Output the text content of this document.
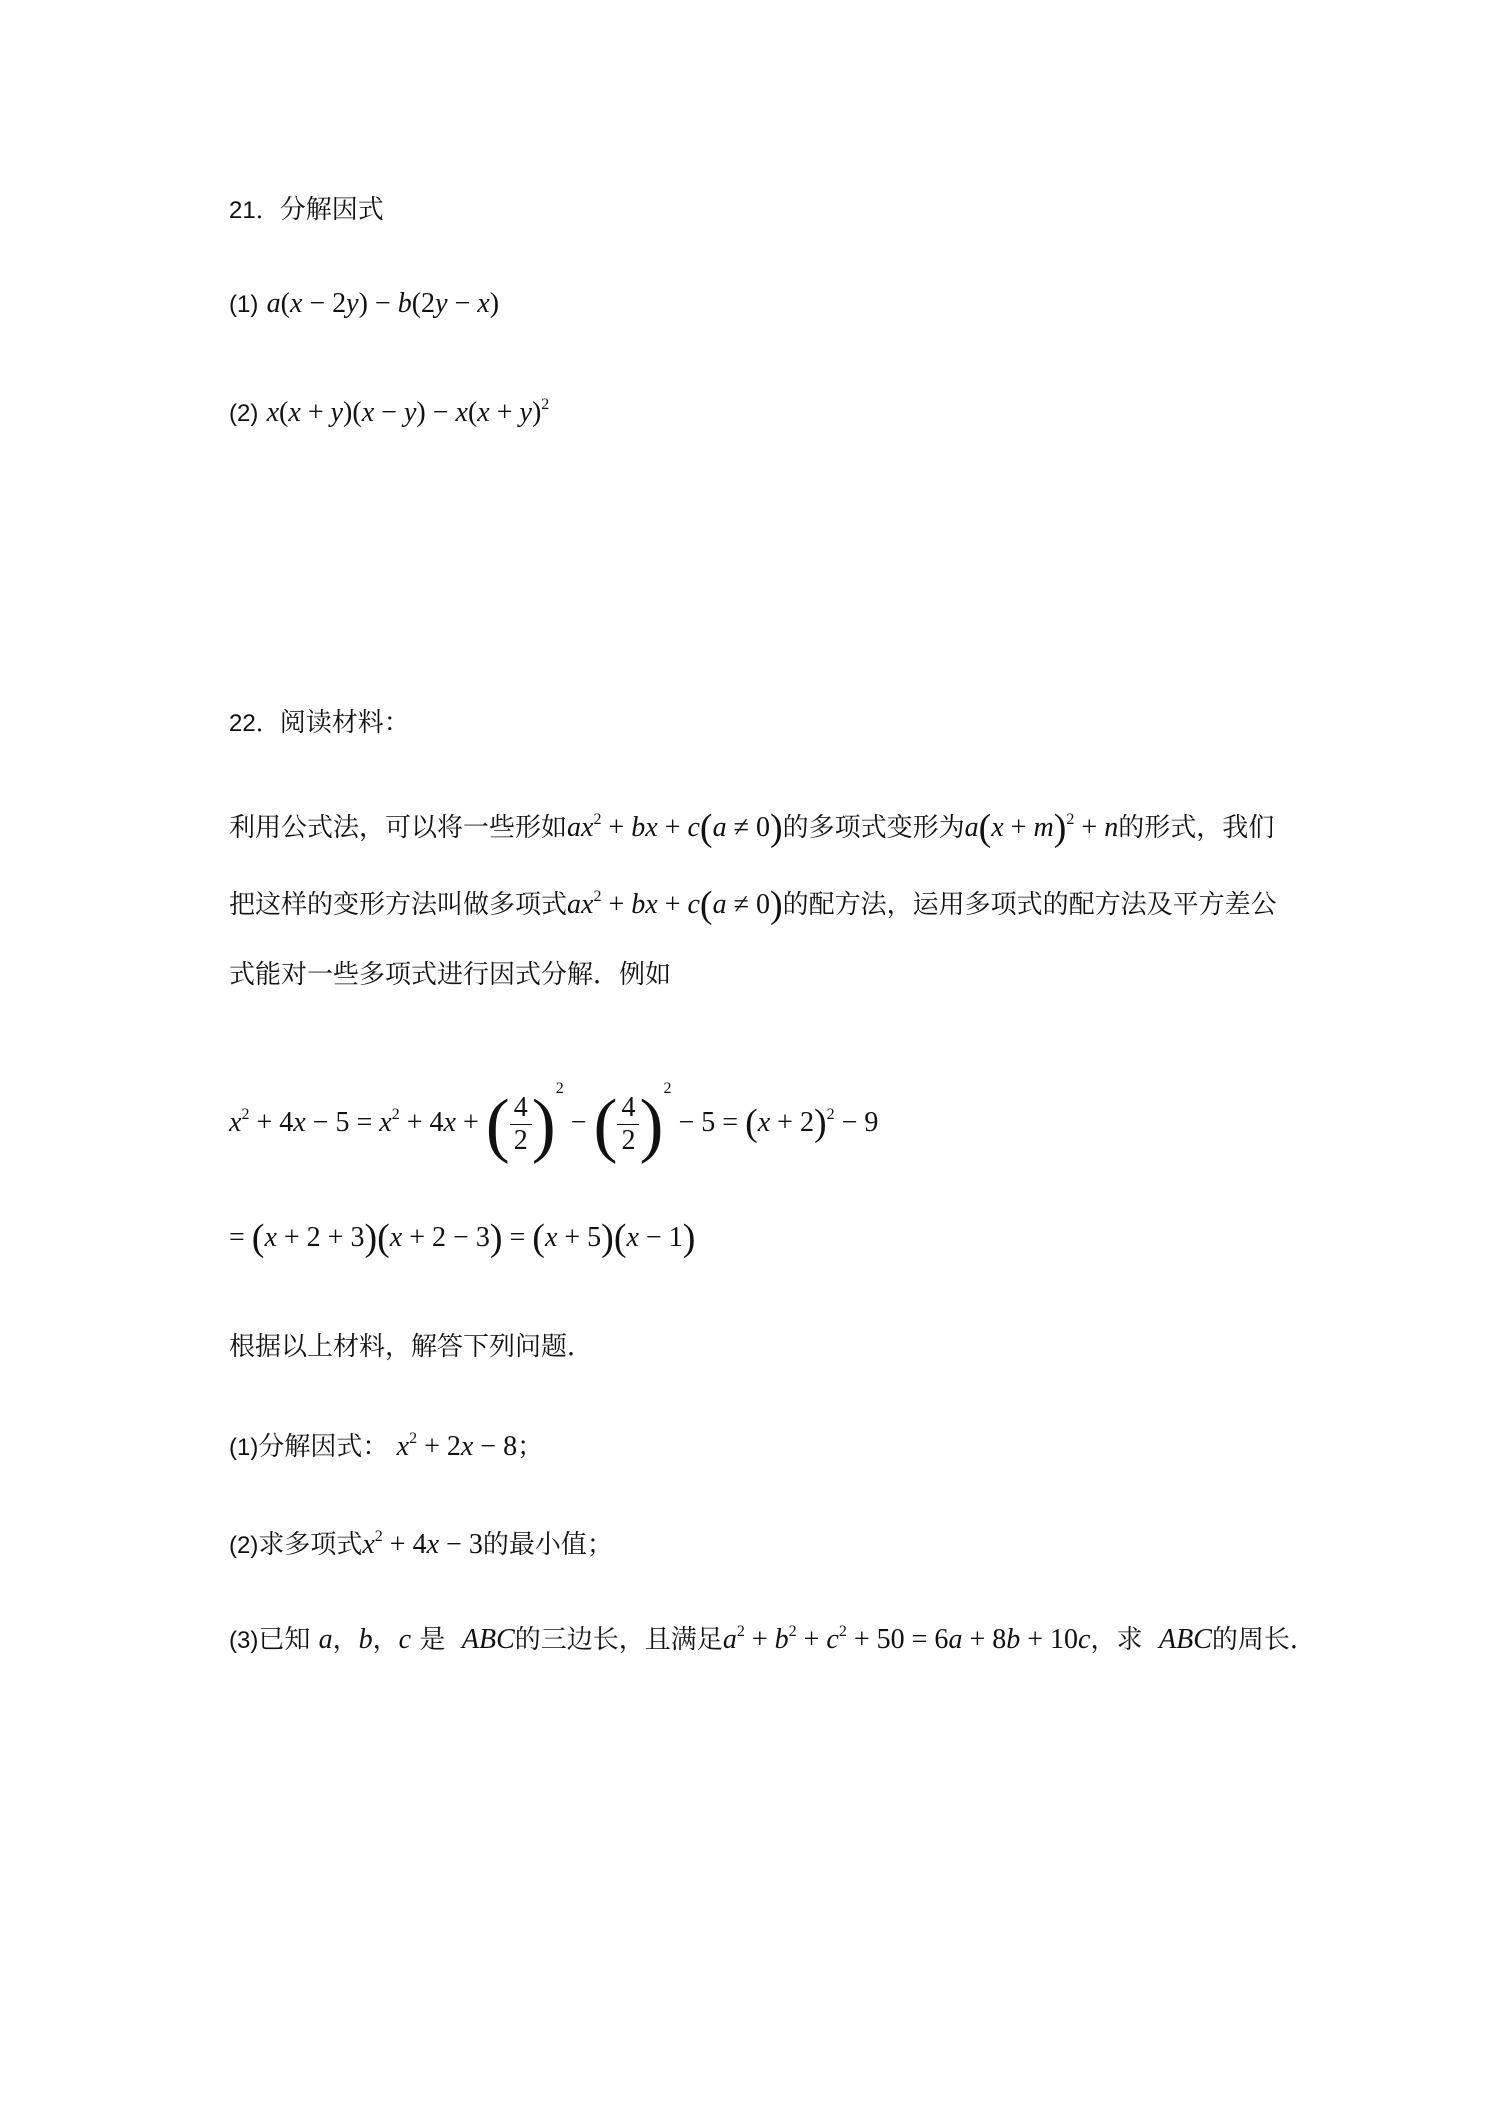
21．分解因式
(1) a(x − 2y) − b(2y − x)
(2) $x(x + y)(x - y) - x(x + y)^2$
22．阅读材料：
利用公式法，可以将一些形如$ax^2$ + bx + c(a ≠ 0)的多项式变形为$a(x + m)^2 + n$的形式，我们
把这样的变形方法叫做多项式$ax^2$ + bx + c(a ≠ 0)的配方法，运用多项式的配方法及平方差公
式能对一些多项式进行因式分解．例如
$x^2 + 4x - 5 = x^2 + 4x$ + ( $\frac{4}{2} )^2$ − ( $\frac{4}{2} )^2 - 5 = (x + 2)^2 - 9$
= (x + 2 + 3)(x + 2 − 3) = (x + 5)(x − 1)
根据以上材料，解答下列问题．
(1)分解因式： $x^2 + 2x - 8$；
(2)求多项式$x^2 + 4x - 3$的最小值；
(3)已知 a，b，c 是 ABC的三边长，且满足$a^2 + b^2 + c^2 + 50 = 6a + 8b + 10c$，求 ABC的周长．
